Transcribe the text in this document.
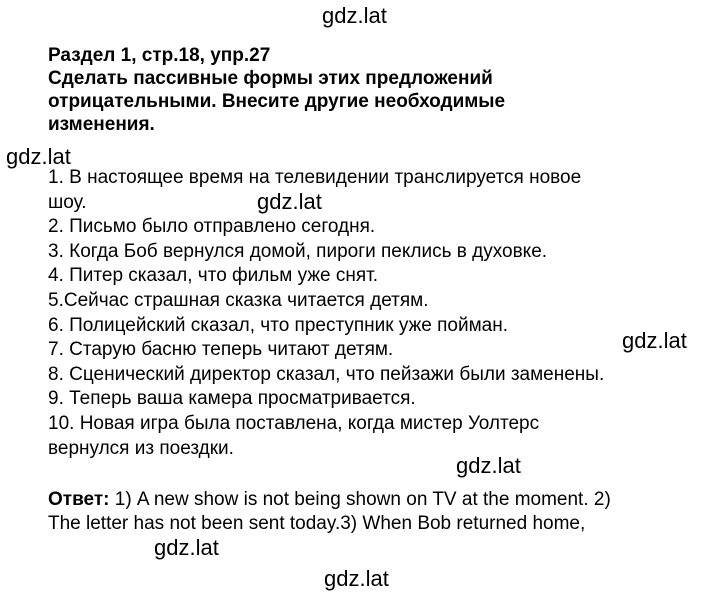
gdz.lat
Раздел 1, стр.18, упр.27
Сделать пассивные формы этих предложений
отрицательными. Внесите другие необходимые
изменения.
gdz.lat
1. В настоящее время на телевидении транслируется новое
шоу.
2. Письмо было отправлено сегодня.
3. Когда Боб вернулся домой, пироги пеклись в духовке.
4. Питер сказал, что фильм уже снят.
5.Сейчас страшная сказка читается детям.
6. Полицейский сказал, что преступник уже пойман.
7. Старую басню теперь читают детям.
8. Сценический директор сказал, что пейзажи были заменены.
9. Теперь ваша камера просматривается.
10. Новая игра была поставлена, когда мистер Уолтерс
вернулся из поездки.
gdz.lat
gdz.lat
gdz.lat
Ответ: 1) A new show is not being shown on TV at the moment. 2)
The letter has not been sent today.3) When Bob returned home,
gdz.lat
gdz.lat
